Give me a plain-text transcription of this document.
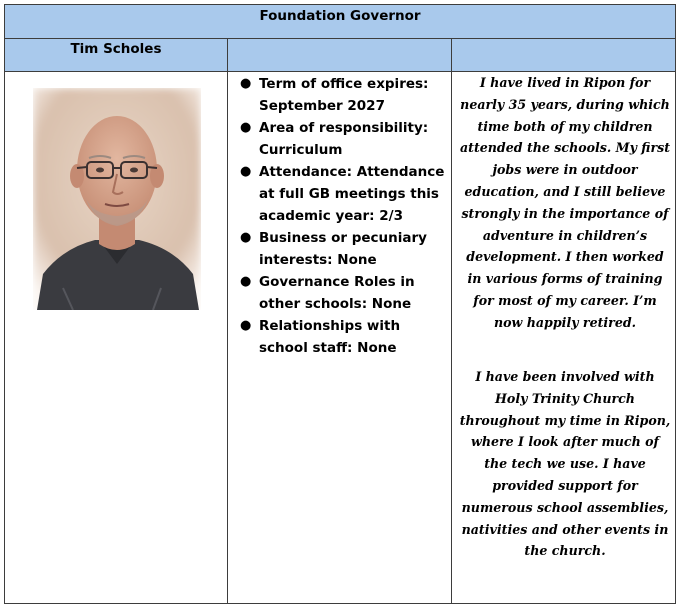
Foundation Governor
Tim Scholes
● Term of office expires: September 2027
● Area of responsibility: Curriculum
● Attendance: Attendance at full GB meetings this academic year: 2/3
● Business or pecuniary interests: None
● Governance Roles in other schools: None
● Relationships with school staff: None

I have lived in Ripon for nearly 35 years, during which time both of my children attended the schools. My first jobs were in outdoor education, and I still believe strongly in the importance of adventure in children’s development. I then worked in various forms of training for most of my career. I’m now happily retired.

I have been involved with Holy Trinity Church throughout my time in Ripon, where I look after much of the tech we use. I have provided support for numerous school assemblies, nativities and other events in the church.
